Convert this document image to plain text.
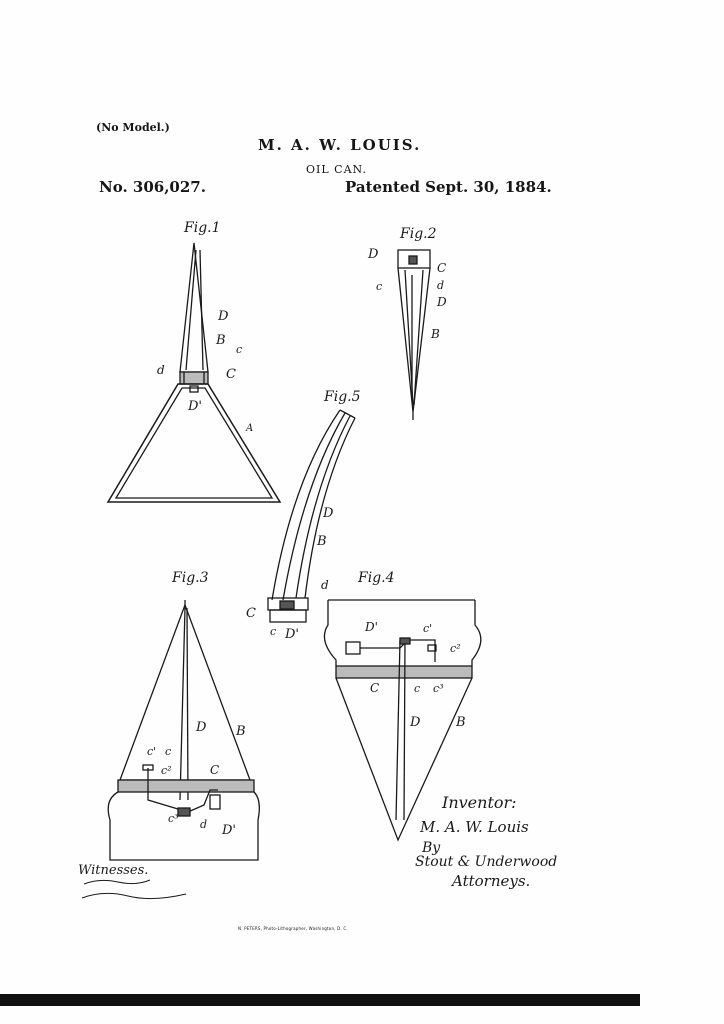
(No Model.)
M. A. W. LOUIS.
OIL CAN.
No. 306,027.	Patented Sept. 30, 1884.
Fig.1
D
B
c
d	C
D'
A
Fig.2
D
C
c	d
D
B
Fig.5
D
B
d
C
c D'
Fig.3
D B
c' c
c²	C
c³ d D'
Fig.4
D'	c'
c²
C	c c³
D	B
Witnesses.
Inventor:
M. A. W. Louis
By
Stout & Underwood
Attorneys.
N. PETERS, Photo-Lithographer, Washington, D. C.
